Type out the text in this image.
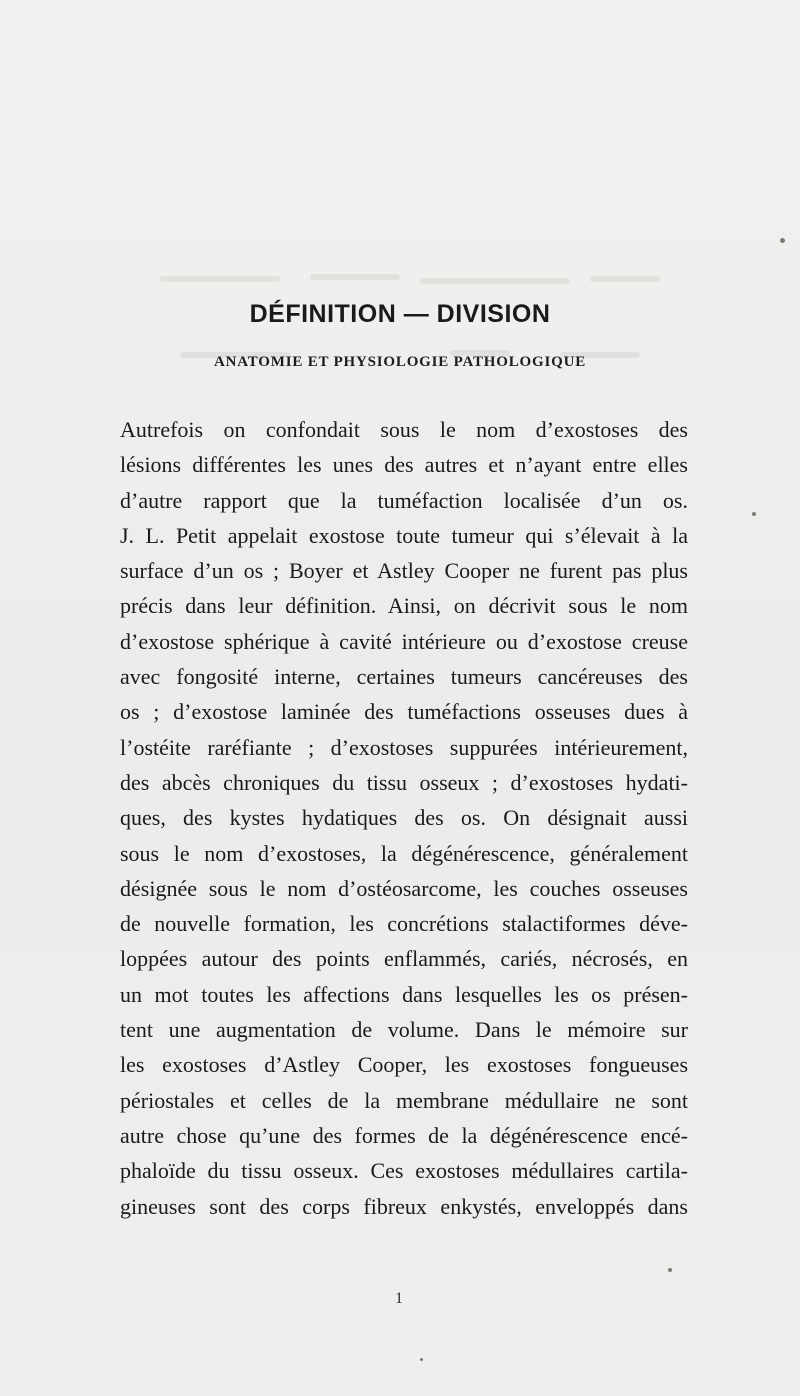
DÉFINITION — DIVISION
ANATOMIE ET PHYSIOLOGIE PATHOLOGIQUE
Autrefois on confondait sous le nom d’exostoses des
lésions différentes les unes des autres et n’ayant entre elles
d’autre rapport que la tuméfaction localisée d’un os.
J. L. Petit appelait exostose toute tumeur qui s’élevait à la
surface d’un os ; Boyer et Astley Cooper ne furent pas plus
précis dans leur définition. Ainsi, on décrivit sous le nom
d’exostose sphérique à cavité intérieure ou d’exostose creuse
avec fongosité interne, certaines tumeurs cancéreuses des
os ; d’exostose laminée des tuméfactions osseuses dues à
l’ostéite raréfiante ; d’exostoses suppurées intérieurement,
des abcès chroniques du tissu osseux ; d’exostoses hydati-
ques, des kystes hydatiques des os. On désignait aussi
sous le nom d’exostoses, la dégénérescence, généralement
désignée sous le nom d’ostéosarcome, les couches osseuses
de nouvelle formation, les concrétions stalactiformes déve-
loppées autour des points enflammés, cariés, nécrosés, en
un mot toutes les affections dans lesquelles les os présen-
tent une augmentation de volume. Dans le mémoire sur
les exostoses d’Astley Cooper, les exostoses fongueuses
périostales et celles de la membrane médullaire ne sont
autre chose qu’une des formes de la dégénérescence encé-
phaloïde du tissu osseux. Ces exostoses médullaires cartila-
gineuses sont des corps fibreux enkystés, enveloppés dans
1
